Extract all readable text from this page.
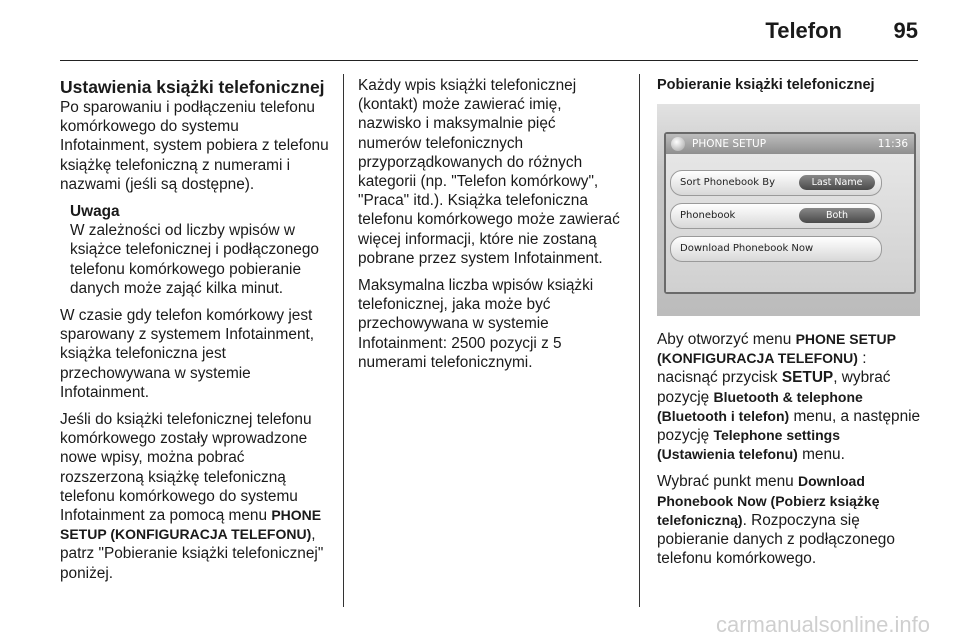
Telefon 95
Ustawienia książki telefonicznej

Po sparowaniu i podłączeniu telefonu komórkowego do systemu Infotainment, system pobiera z telefonu książkę telefoniczną z numerami i nazwami (jeśli są dostępne).

Uwaga
W zależności od liczby wpisów w książce telefonicznej i podłączonego telefonu komórkowego pobieranie danych może zająć kilka minut.

W czasie gdy telefon komórkowy jest sparowany z systemem Infotainment, książka telefoniczna jest przechowywana w systemie Infotainment.

Jeśli do książki telefonicznej telefonu komórkowego zostały wprowadzone nowe wpisy, można pobrać rozszerzoną książkę telefoniczną telefonu komórkowego do systemu Infotainment za pomocą menu PHONE SETUP (KONFIGURACJA TELEFONU), patrz "Pobieranie książki telefonicznej" poniżej.

Każdy wpis książki telefonicznej (kontakt) może zawierać imię, nazwisko i maksymalnie pięć numerów telefonicznych przyporządkowanych do różnych kategorii (np. "Telefon komórkowy", "Praca" itd.). Książka telefoniczna telefonu komórkowego może zawierać więcej informacji, które nie zostaną pobrane przez system Infotainment.

Maksymalna liczba wpisów książki telefonicznej, jaka może być przechowywana w systemie Infotainment: 2500 pozycji z 5 numerami telefonicznymi.

Pobieranie książki telefonicznej
PHONE SETUP	11:36
Sort Phonebook By	Last Name
Phonebook	Both
Download Phonebook Now

Aby otworzyć menu PHONE SETUP (KONFIGURACJA TELEFONU) : nacisnąć przycisk SETUP, wybrać pozycję Bluetooth & telephone (Bluetooth i telefon) menu, a następnie pozycję Telephone settings (Ustawienia telefonu) menu.

Wybrać punkt menu Download Phonebook Now (Pobierz książkę telefoniczną). Rozpoczyna się pobieranie danych z podłączonego telefonu komórkowego.

carmanualsonline.info
